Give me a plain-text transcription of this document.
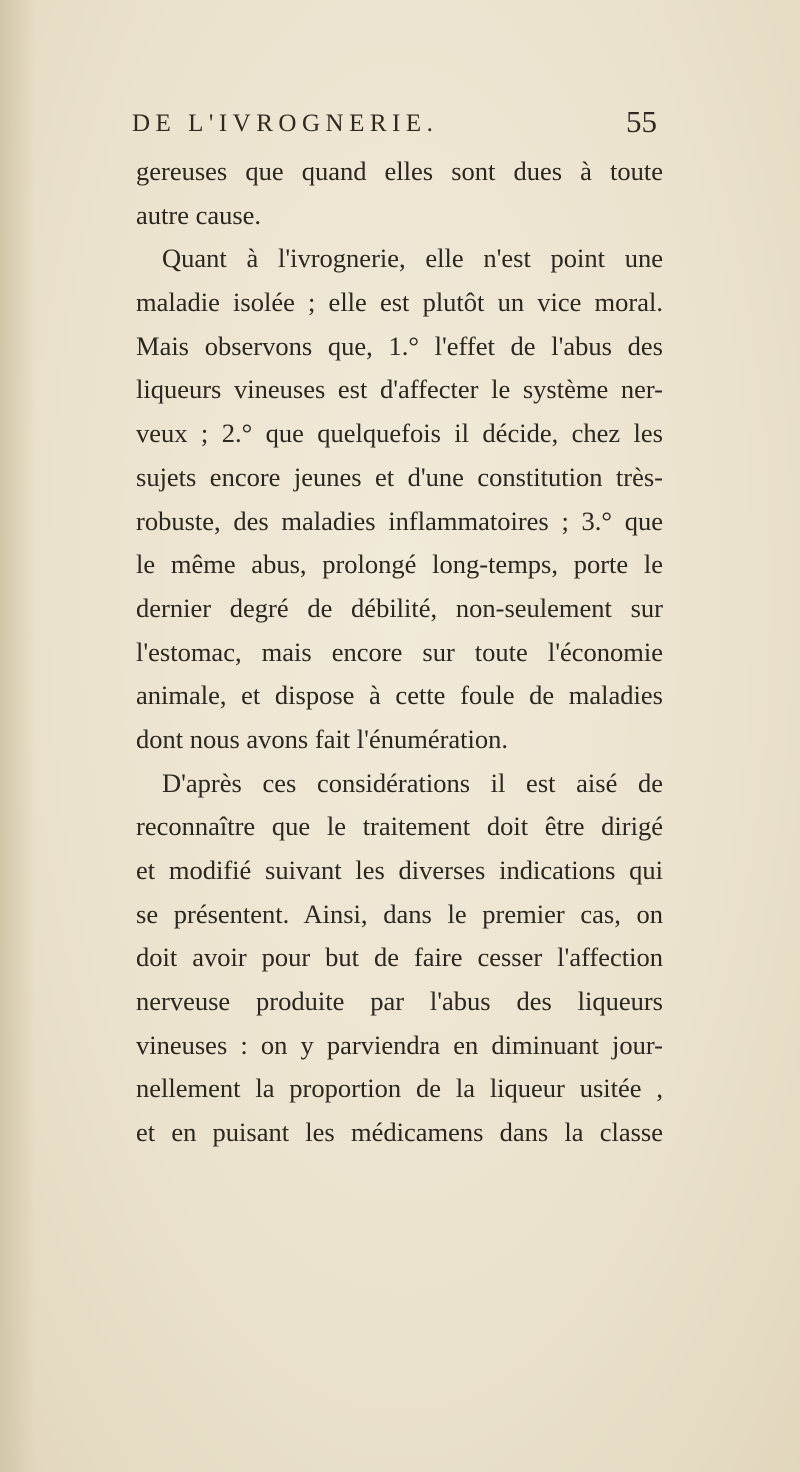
DE L'IVROGNERIE.	55
gereuses que quand elles sont dues à toute
autre cause.
Quant à l'ivrognerie, elle n'est point une
maladie isolée ; elle est plutôt un vice moral.
Mais observons que, 1.° l'effet de l'abus des
liqueurs vineuses est d'affecter le système ner-
veux ; 2.° que quelquefois il décide, chez les
sujets encore jeunes et d'une constitution très-
robuste, des maladies inflammatoires ; 3.° que
le même abus, prolongé long-temps, porte le
dernier degré de débilité, non-seulement sur
l'estomac, mais encore sur toute l'économie
animale, et dispose à cette foule de maladies
dont nous avons fait l'énumération.
D'après ces considérations il est aisé de
reconnaître que le traitement doit être dirigé
et modifié suivant les diverses indications qui
se présentent. Ainsi, dans le premier cas, on
doit avoir pour but de faire cesser l'affection
nerveuse produite par l'abus des liqueurs
vineuses : on y parviendra en diminuant jour-
nellement la proportion de la liqueur usitée ,
et en puisant les médicamens dans la classe
